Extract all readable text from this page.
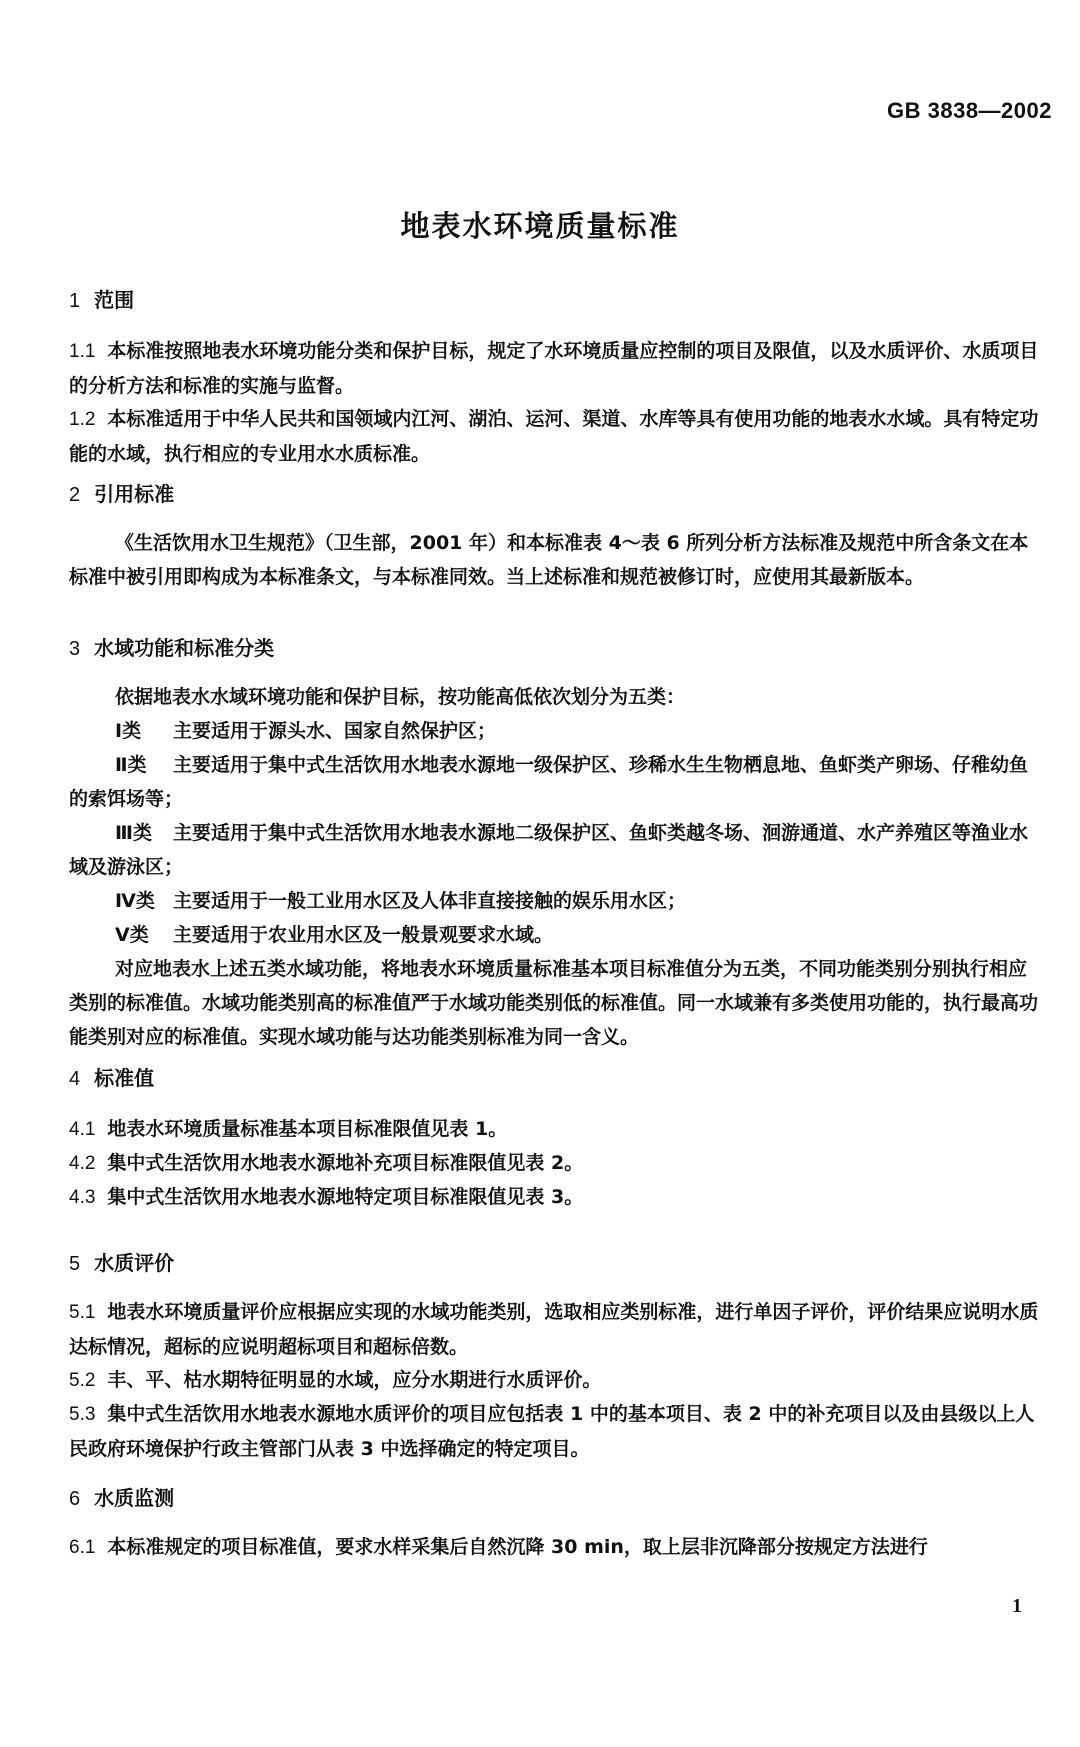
GB 3838—2002
地表水环境质量标准
1 范围
1.1 本标准按照地表水环境功能分类和保护目标，规定了水环境质量应控制的项目及限值，以及水质评价、水质项目的分析方法和标准的实施与监督。
1.2 本标准适用于中华人民共和国领域内江河、湖泊、运河、渠道、水库等具有使用功能的地表水水域。具有特定功能的水域，执行相应的专业用水水质标准。
2 引用标准
《生活饮用水卫生规范》（卫生部，2001 年）和本标准表 4～表 6 所列分析方法标准及规范中所含条文在本标准中被引用即构成为本标准条文，与本标准同效。当上述标准和规范被修订时，应使用其最新版本。
3 水域功能和标准分类
依据地表水水域环境功能和保护目标，按功能高低依次划分为五类：
Ⅰ类 主要适用于源头水、国家自然保护区；
Ⅱ类 主要适用于集中式生活饮用水地表水源地一级保护区、珍稀水生生物栖息地、鱼虾类产卵场、仔稚幼鱼的索饵场等；
Ⅲ类 主要适用于集中式生活饮用水地表水源地二级保护区、鱼虾类越冬场、洄游通道、水产养殖区等渔业水域及游泳区；
Ⅳ类 主要适用于一般工业用水区及人体非直接接触的娱乐用水区；
Ⅴ类 主要适用于农业用水区及一般景观要求水域。
对应地表水上述五类水域功能，将地表水环境质量标准基本项目标准值分为五类，不同功能类别分别执行相应类别的标准值。水域功能类别高的标准值严于水域功能类别低的标准值。同一水域兼有多类使用功能的，执行最高功能类别对应的标准值。实现水域功能与达功能类别标准为同一含义。
4 标准值
4.1 地表水环境质量标准基本项目标准限值见表 1。
4.2 集中式生活饮用水地表水源地补充项目标准限值见表 2。
4.3 集中式生活饮用水地表水源地特定项目标准限值见表 3。
5 水质评价
5.1 地表水环境质量评价应根据应实现的水域功能类别，选取相应类别标准，进行单因子评价，评价结果应说明水质达标情况，超标的应说明超标项目和超标倍数。
5.2 丰、平、枯水期特征明显的水域，应分水期进行水质评价。
5.3 集中式生活饮用水地表水源地水质评价的项目应包括表 1 中的基本项目、表 2 中的补充项目以及由县级以上人民政府环境保护行政主管部门从表 3 中选择确定的特定项目。
6 水质监测
6.1 本标准规定的项目标准值，要求水样采集后自然沉降 30 min，取上层非沉降部分按规定方法进行
1
